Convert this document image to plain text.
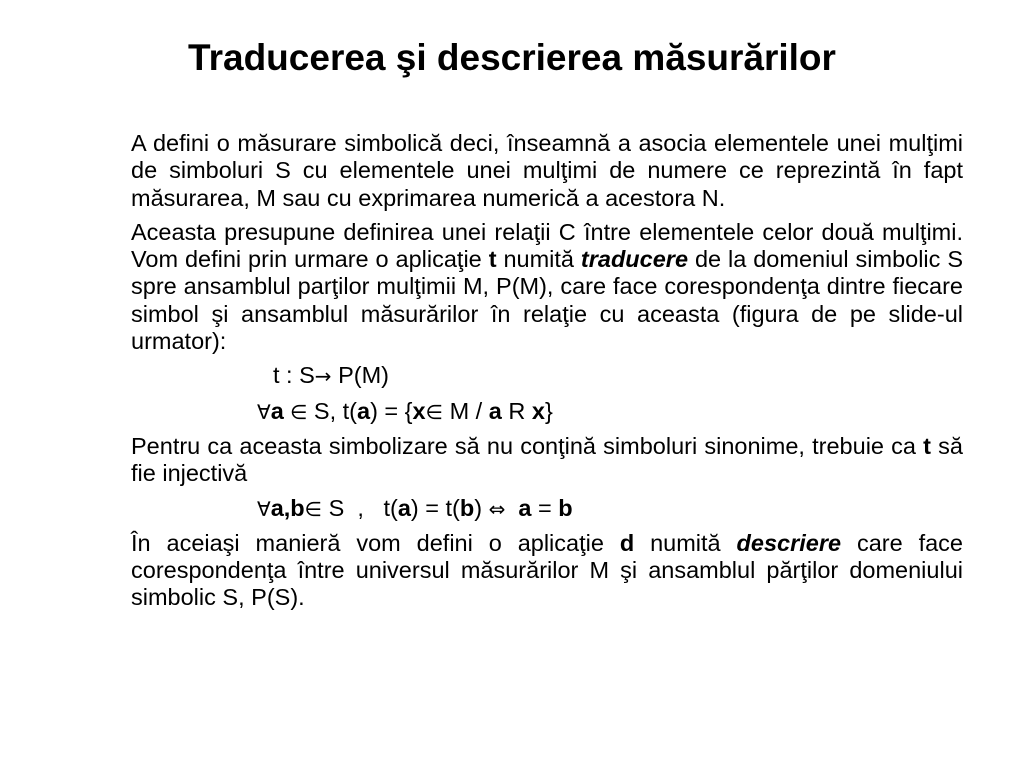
Traducerea şi descrierea măsurărilor

A defini o măsurare simbolică deci, înseamnă a asocia elementele unei mulţimi de simboluri S cu elementele unei mulţimi de numere ce reprezintă în fapt măsurarea, M sau cu exprimarea numerică a acestora N.

Aceasta presupune definirea unei relaţii C între elementele celor două mulţimi. Vom defini prin urmare o aplicaţie t numită traducere de la domeniul simbolic S spre ansamblul parţilor mulţimii M, P(M), care face corespondenţa dintre fiecare simbol şi ansamblul măsurărilor în relaţie cu aceasta (figura de pe slide-ul urmator):

t : S→ P(M)
∀a ∈ S, t(a) = {x∈ M / a R x}

Pentru ca aceasta simbolizare să nu conţină simboluri sinonime, trebuie ca t să fie injectivă

∀a,b∈ S  ,   t(a) = t(b) ⇔ a = b

În aceiaşi manieră vom defini o aplicaţie d numită descriere care face corespondenţa între universul măsurărilor M şi ansamblul părţilor domeniului simbolic S, P(S).
